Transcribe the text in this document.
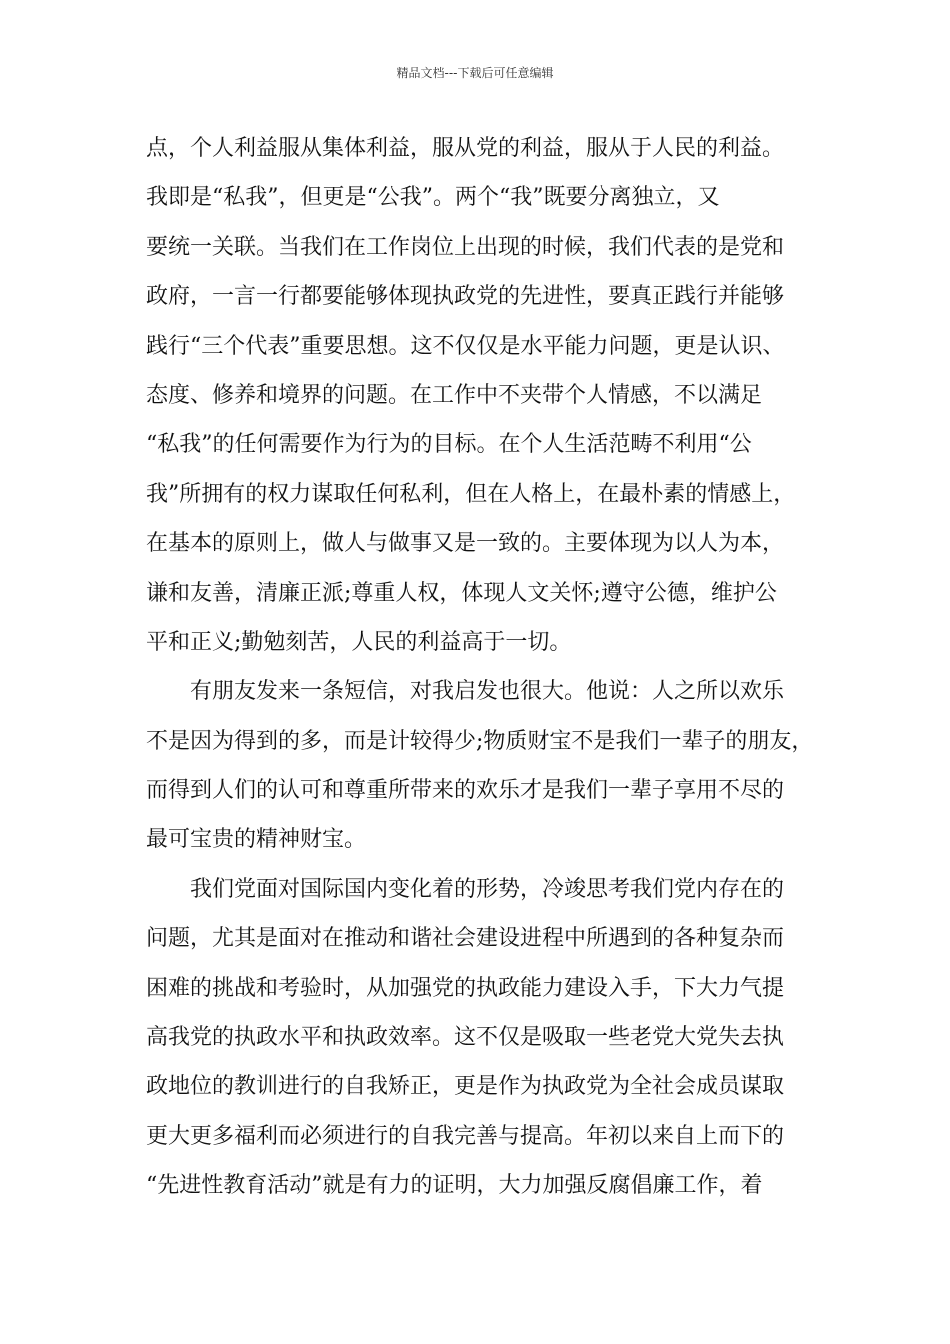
精品文档---下载后可任意编辑
点，个人利益服从集体利益，服从党的利益，服从于人民的利益。
我即是“私我”，但更是“公我”。两个“我”既要分离独立，又
要统一关联。当我们在工作岗位上出现的时候，我们代表的是党和
政府，一言一行都要能够体现执政党的先进性，要真正践行并能够
践行“三个代表”重要思想。这不仅仅是水平能力问题，更是认识、
态度、修养和境界的问题。在工作中不夹带个人情感，不以满足
“私我”的任何需要作为行为的目标。在个人生活范畴不利用“公
我”所拥有的权力谋取任何私利，但在人格上，在最朴素的情感上，
在基本的原则上，做人与做事又是一致的。主要体现为以人为本，
谦和友善，清廉正派;尊重人权，体现人文关怀;遵守公德，维护公
平和正义;勤勉刻苦，人民的利益高于一切。
有朋友发来一条短信，对我启发也很大。他说：人之所以欢乐
不是因为得到的多，而是计较得少;物质财宝不是我们一辈子的朋友，
而得到人们的认可和尊重所带来的欢乐才是我们一辈子享用不尽的
最可宝贵的精神财宝。
我们党面对国际国内变化着的形势，冷竣思考我们党内存在的
问题，尤其是面对在推动和谐社会建设进程中所遇到的各种复杂而
困难的挑战和考验时，从加强党的执政能力建设入手，下大力气提
高我党的执政水平和执政效率。这不仅是吸取一些老党大党失去执
政地位的教训进行的自我矫正，更是作为执政党为全社会成员谋取
更大更多福利而必须进行的自我完善与提高。年初以来自上而下的
“先进性教育活动”就是有力的证明，大力加强反腐倡廉工作，着
